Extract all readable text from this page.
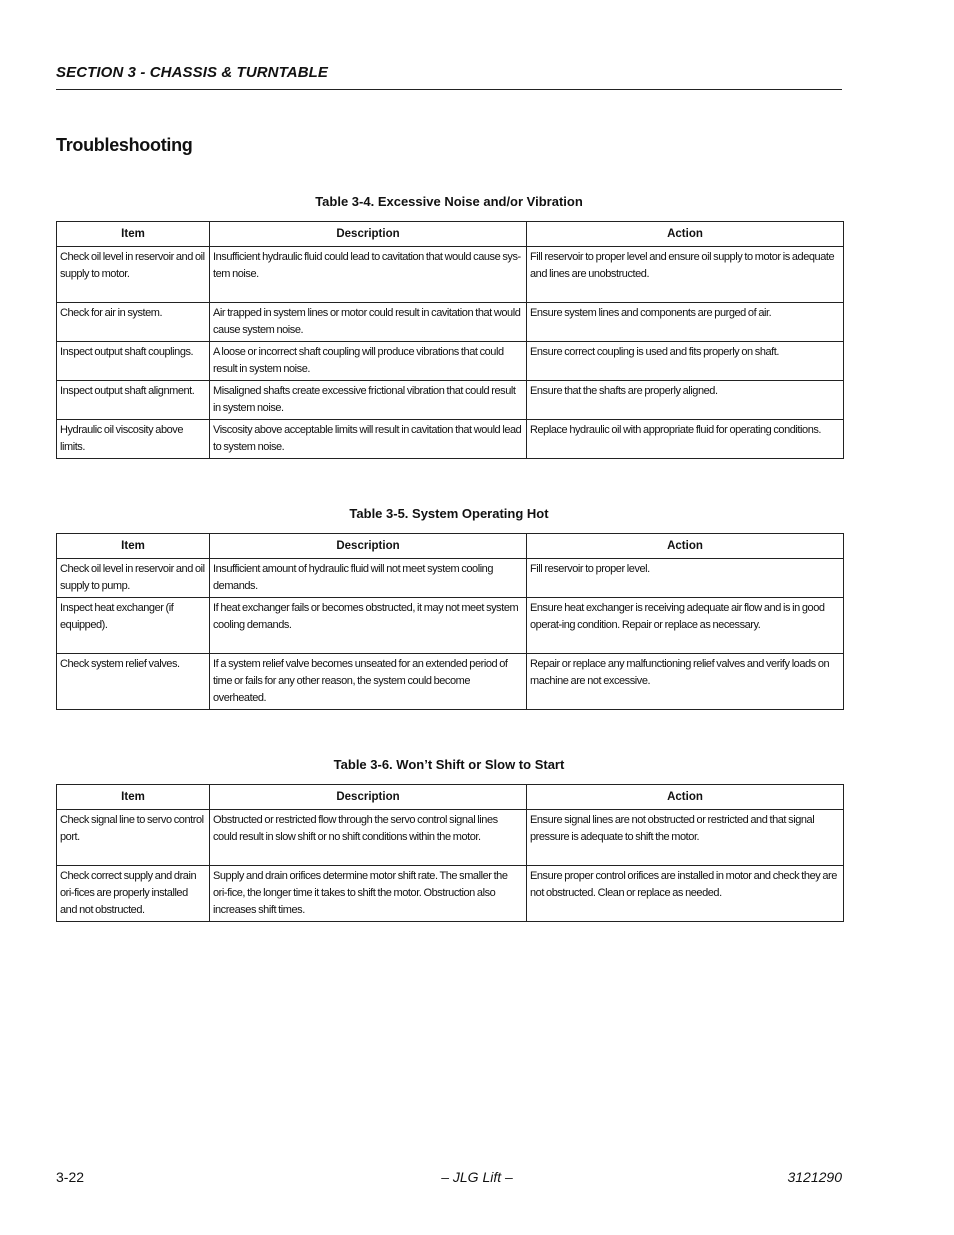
SECTION 3 - CHASSIS & TURNTABLE
Troubleshooting
Table 3-4. Excessive Noise and/or Vibration
Item	Description	Action
Check oil level in reservoir and oil supply to motor.	Insufficient hydraulic fluid could lead to cavitation that would cause sys-tem noise.	Fill reservoir to proper level and ensure oil supply to motor is adequate and lines are unobstructed.
Check for air in system.	Air trapped in system lines or motor could result in cavitation that would cause system noise.	Ensure system lines and components are purged of air.
Inspect output shaft couplings.	A loose or incorrect shaft coupling will produce vibrations that could result in system noise.	Ensure correct coupling is used and fits properly on shaft.
Inspect output shaft alignment.	Misaligned shafts create excessive frictional vibration that could result in system noise.	Ensure that the shafts are properly aligned.
Hydraulic oil viscosity above limits.	Viscosity above acceptable limits will result in cavitation that would lead to system noise.	Replace hydraulic oil with appropriate fluid for operating conditions.
Table 3-5. System Operating Hot
Item	Description	Action
Check oil level in reservoir and oil supply to pump.	Insufficient amount of hydraulic fluid will not meet system cooling demands.	Fill reservoir to proper level.
Inspect heat exchanger (if equipped).	If heat exchanger fails or becomes obstructed, it may not meet system cooling demands.	Ensure heat exchanger is receiving adequate air flow and is in good operat-ing condition. Repair or replace as necessary.
Check system relief valves.	If a system relief valve becomes unseated for an extended period of time or fails for any other reason, the system could become overheated.	Repair or replace any malfunctioning relief valves and verify loads on machine are not excessive.
Table 3-6. Won’t Shift or Slow to Start
Item	Description	Action
Check signal line to servo control port.	Obstructed or restricted flow through the servo control signal lines could result in slow shift or no shift conditions within the motor.	Ensure signal lines are not obstructed or restricted and that signal pressure is adequate to shift the motor.
Check correct supply and drain ori-fices are properly installed and not obstructed.	Supply and drain orifices determine motor shift rate. The smaller the ori-fice, the longer time it takes to shift the motor. Obstruction also increases shift times.	Ensure proper control orifices are installed in motor and check they are not obstructed. Clean or replace as needed.
3-22	– JLG Lift –	3121290
